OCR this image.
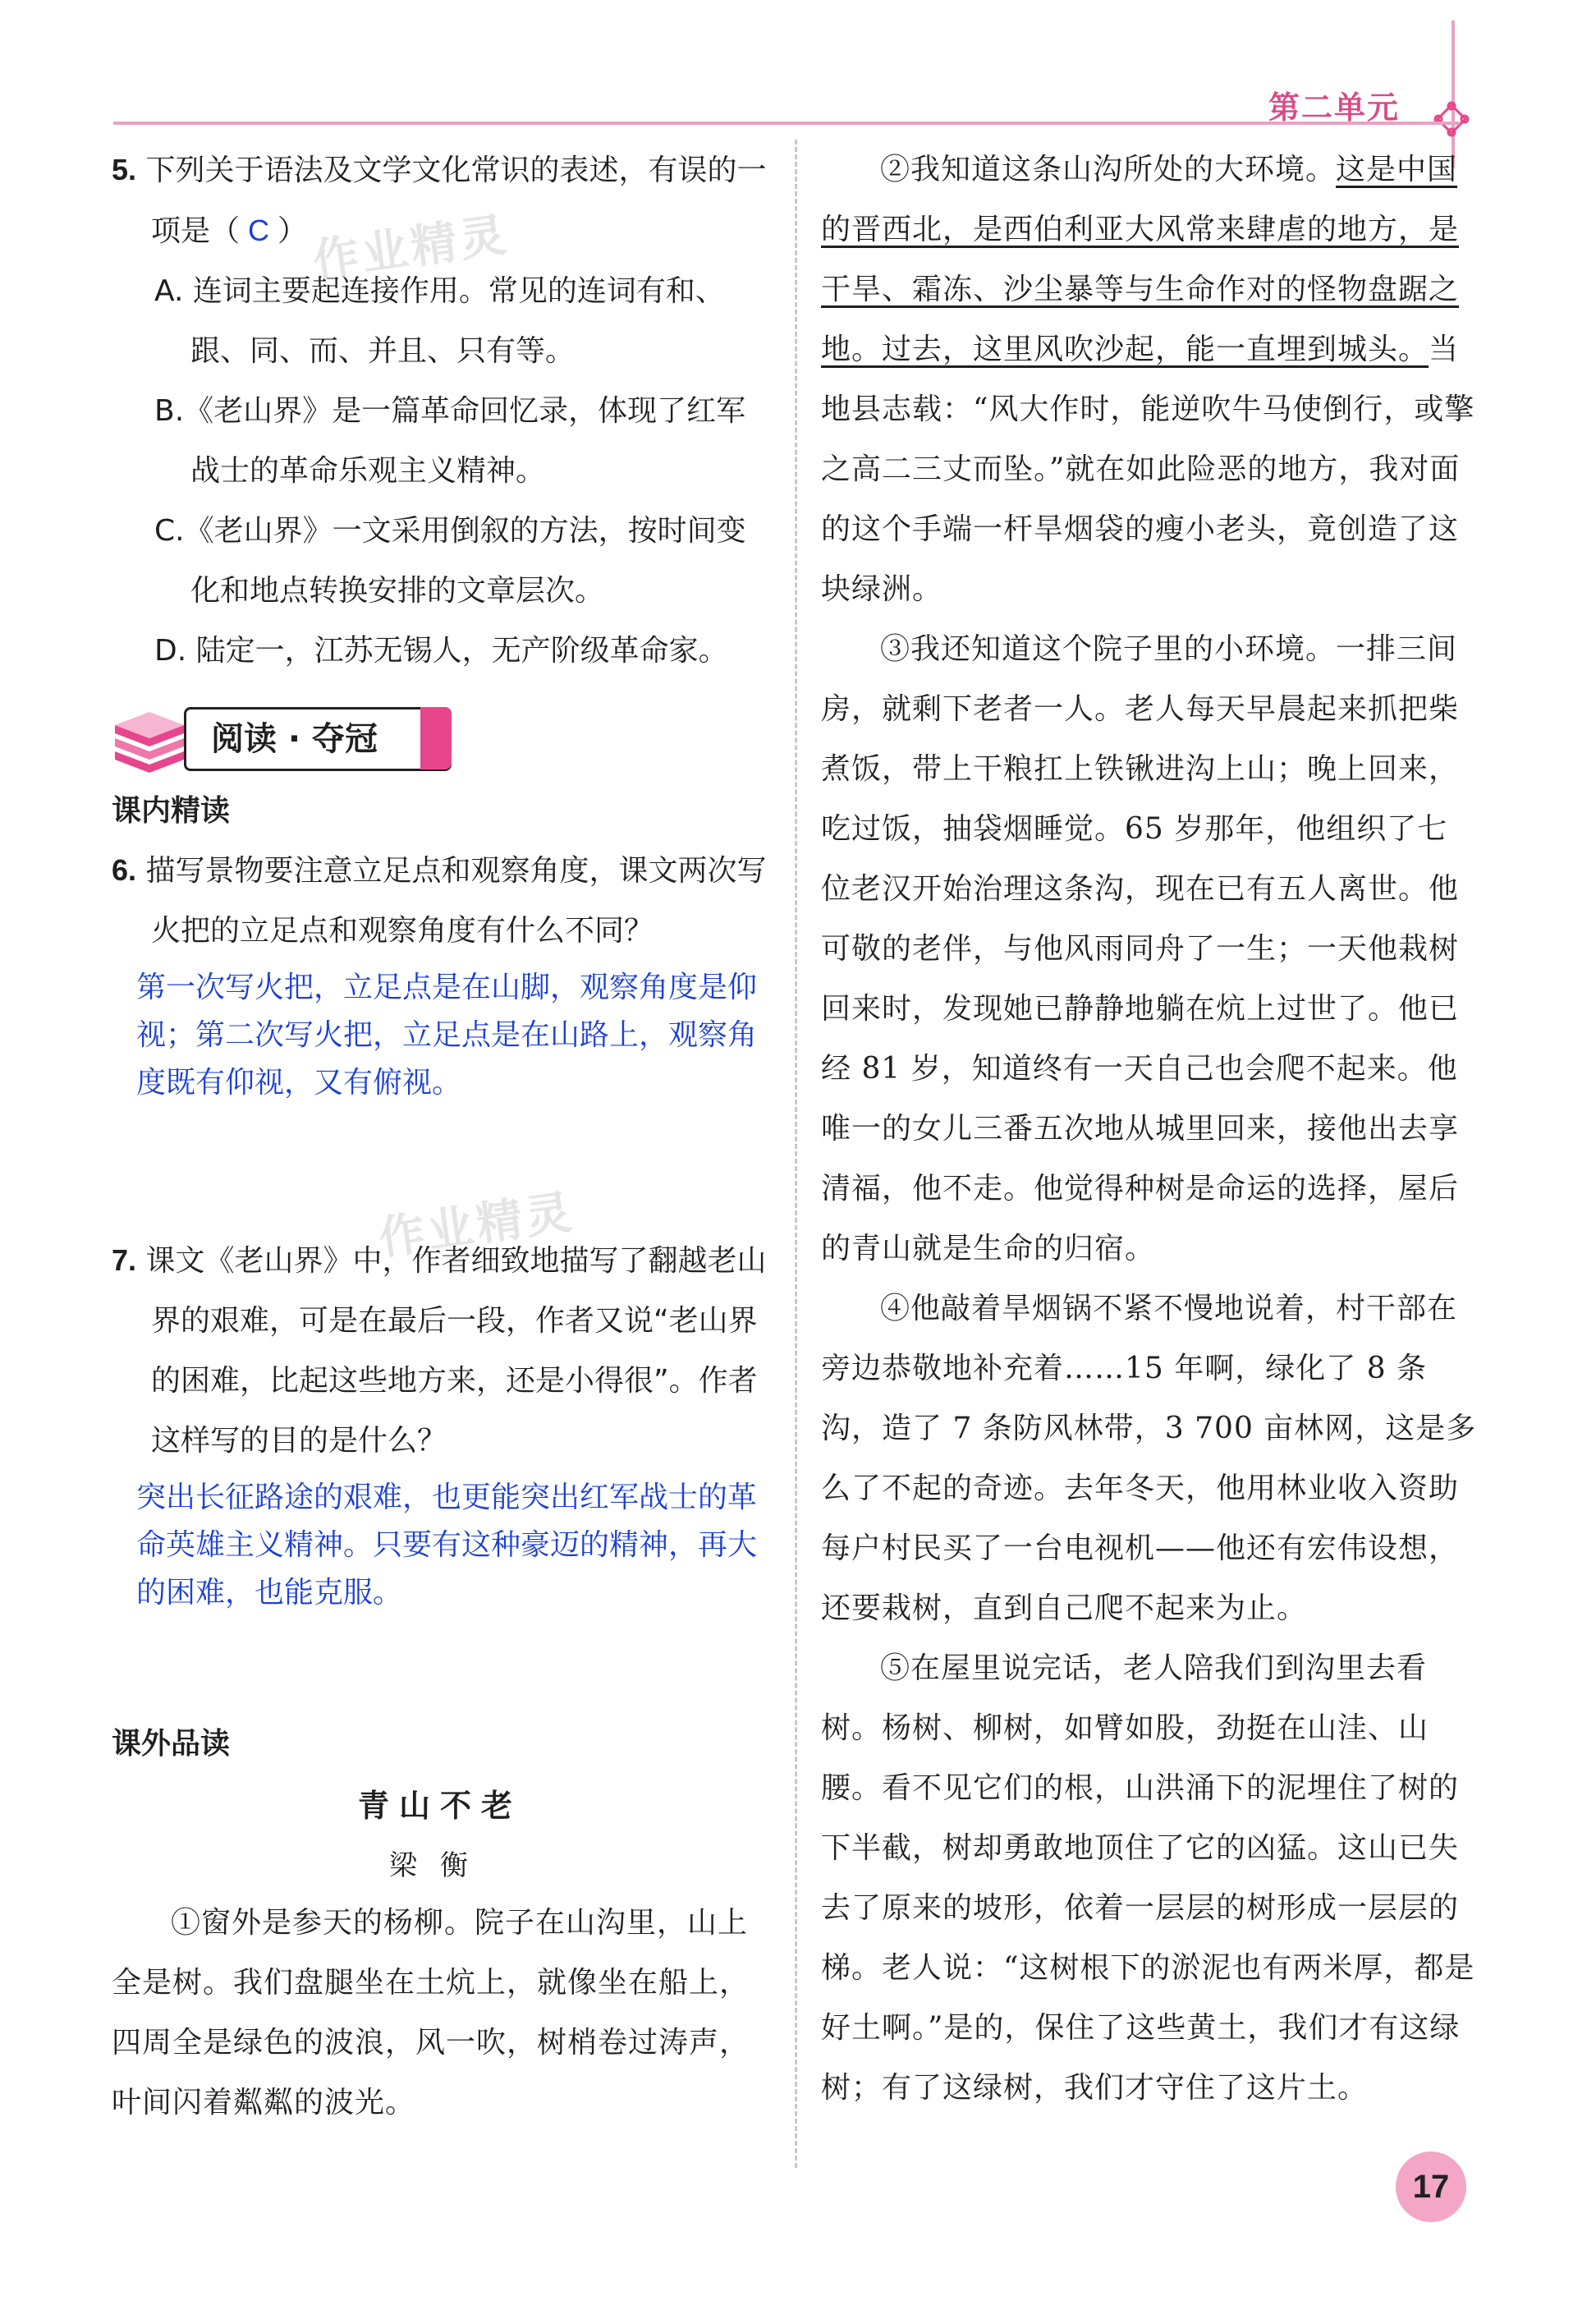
第二单元
作业精灵
作业精灵

5. 下列关于语法及文学文化常识的表述，有误的一项是（ C ）

A. 连词主要起连接作用。常见的连词有和、跟、同、而、并且、只有等。

B.《老山界》是一篇革命回忆录，体现了红军战士的革命乐观主义精神。

C.《老山界》一文采用倒叙的方法，按时间变化和地点转换安排的文章层次。

D. 陆定一，江苏无锡人，无产阶级革命家。

阅读 · 夺冠

课内精读

6. 描写景物要注意立足点和观察角度，课文两次写火把的立足点和观察角度有什么不同？

第一次写火把，立足点是在山脚，观察角度是仰视；第二次写火把，立足点是在山路上，观察角度既有仰视，又有俯视。

7. 课文《老山界》中，作者细致地描写了翻越老山界的艰难，可是在最后一段，作者又说“老山界的困难，比起这些地方来，还是小得很”。作者这样写的目的是什么？

突出长征路途的艰难，也更能突出红军战士的革命英雄主义精神。只要有这种豪迈的精神，再大的困难，也能克服。

课外品读

青山不老

梁衡

①窗外是参天的杨柳。院子在山沟里，山上全是树。我们盘腿坐在土炕上，就像坐在船上，四周全是绿色的波浪，风一吹，树梢卷过涛声，叶间闪着粼粼的波光。

②我知道这条山沟所处的大环境。这是中国的晋西北，是西伯利亚大风常来肆虐的地方，是干旱、霜冻、沙尘暴等与生命作对的怪物盘踞之地。过去，这里风吹沙起，能一直埋到城头。当地县志载：“风大作时，能逆吹牛马使倒行，或擎之高二三丈而坠。”就在如此险恶的地方，我对面的这个手端一杆旱烟袋的瘦小老头，竟创造了这块绿洲。

③我还知道这个院子里的小环境。一排三间房，就剩下老者一人。老人每天早晨起来抓把柴煮饭，带上干粮扛上铁锹进沟上山；晚上回来，吃过饭，抽袋烟睡觉。65 岁那年，他组织了七位老汉开始治理这条沟，现在已有五人离世。他可敬的老伴，与他风雨同舟了一生；一天他栽树回来时，发现她已静静地躺在炕上过世了。他已经 81 岁，知道终有一天自己也会爬不起来。他唯一的女儿三番五次地从城里回来，接他出去享清福，他不走。他觉得种树是命运的选择，屋后的青山就是生命的归宿。

④他敲着旱烟锅不紧不慢地说着，村干部在旁边恭敬地补充着……15 年啊，绿化了 8 条沟，造了 7 条防风林带，3 700 亩林网，这是多么了不起的奇迹。去年冬天，他用林业收入资助每户村民买了一台电视机——他还有宏伟设想，还要栽树，直到自己爬不起来为止。

⑤在屋里说完话，老人陪我们到沟里去看树。杨树、柳树，如臂如股，劲挺在山洼、山腰。看不见它们的根，山洪涌下的泥埋住了树的下半截，树却勇敢地顶住了它的凶猛。这山已失去了原来的坡形，依着一层层的树形成一层层的梯。老人说：“这树根下的淤泥也有两米厚，都是好土啊。”是的，保住了这些黄土，我们才有这绿树；有了这绿树，我们才守住了这片土。

17
